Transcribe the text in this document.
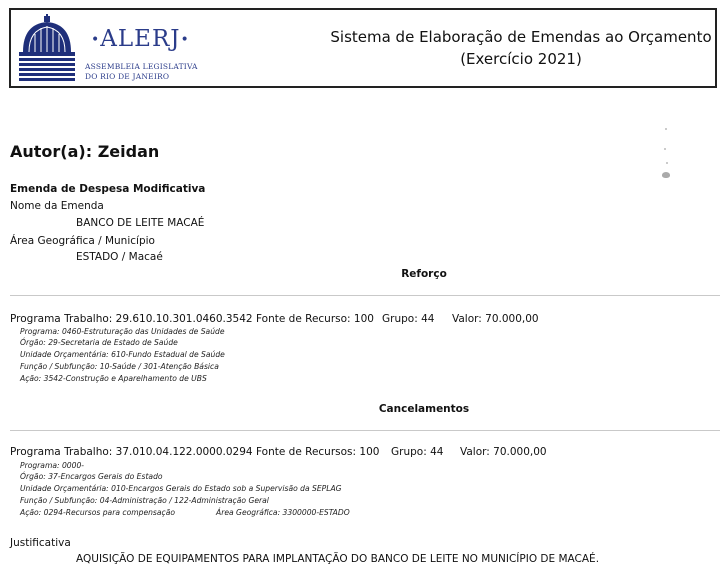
•ALERJ•
ASSEMBLEIA LEGISLATIVA
DO RIO DE JANEIRO
Sistema de Elaboração de Emendas ao Orçamento
(Exercício 2021)
Autor(a): Zeidan
Emenda de Despesa Modificativa
Nome da Emenda
BANCO DE LEITE MACAÉ
Área Geográfica / Município
ESTADO / Macaé
Reforço
Programa Trabalho: 29.610.10.301.0460.3542 Fonte de Recurso: 100 Grupo: 44 Valor: 70.000,00
Programa: 0460-Estruturação das Unidades de Saúde
Órgão: 29-Secretaria de Estado de Saúde
Unidade Orçamentária: 610-Fundo Estadual de Saúde
Função / Subfunção: 10-Saúde / 301-Atenção Básica
Ação: 3542-Construção e Aparelhamento de UBS
Cancelamentos
Programa Trabalho: 37.010.04.122.0000.0294 Fonte de Recursos: 100 Grupo: 44 Valor: 70.000,00
Programa: 0000-
Órgão: 37-Encargos Gerais do Estado
Unidade Orçamentária: 010-Encargos Gerais do Estado sob a Supervisão da SEPLAG
Função / Subfunção: 04-Administração / 122-Administração Geral
Ação: 0294-Recursos para compensação	Área Geográfica: 3300000-ESTADO
Justificativa
AQUISIÇÃO DE EQUIPAMENTOS PARA IMPLANTAÇÃO DO BANCO DE LEITE NO MUNICÍPIO DE MACAÉ.
